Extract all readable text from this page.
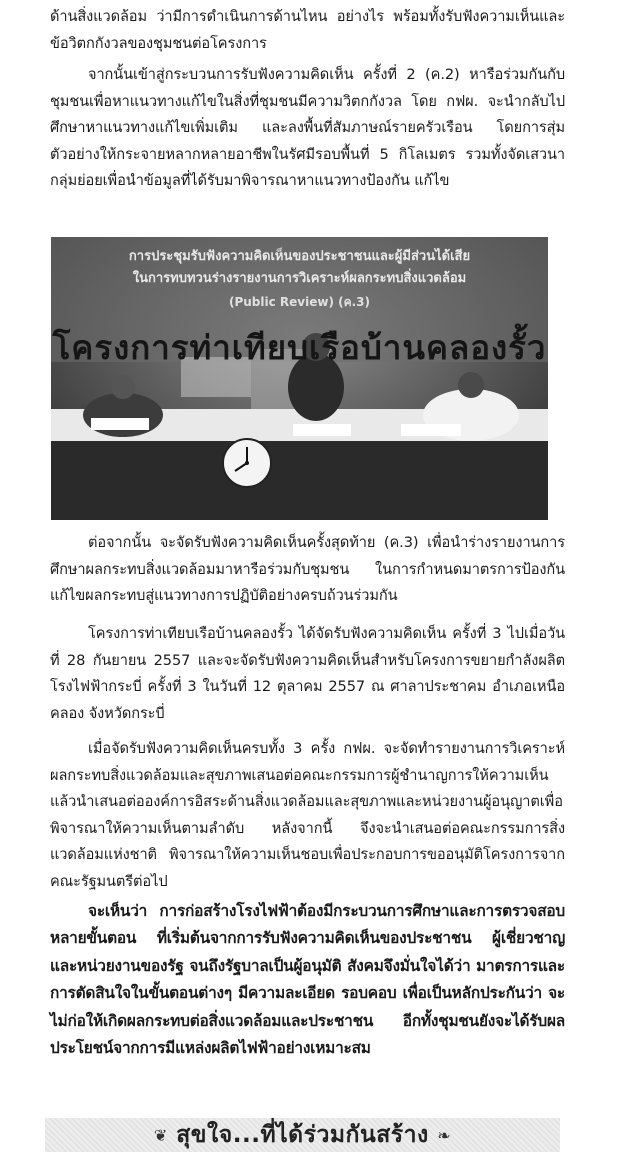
ด้านสิ่งแวดล้อม ว่ามีการดำเนินการด้านไหน อย่างไร พร้อมทั้งรับฟังความเห็นและข้อวิตกกังวลของชุมชนต่อโครงการ
จากนั้นเข้าสู่กระบวนการรับฟังความคิดเห็น ครั้งที่ 2 (ค.2) หารือร่วมกันกับชุมชนเพื่อหาแนวทางแก้ไขในสิ่งที่ชุมชนมีความวิตกกังวล โดย กฟผ. จะนำกลับไปศึกษาหาแนวทางแก้ไขเพิ่มเติม และลงพื้นที่สัมภาษณ์รายครัวเรือน โดยการสุ่มตัวอย่างให้กระจายหลากหลายอาชีพในรัศมีรอบพื้นที่ 5 กิโลเมตร รวมทั้งจัดเสวนากลุ่มย่อยเพื่อนำข้อมูลที่ได้รับมาพิจารณาหาแนวทางป้องกัน แก้ไข
การประชุมรับฟังความคิดเห็นของประชาชนและผู้มีส่วนได้เสีย
ในการทบทวนร่างรายงานการวิเคราะห์ผลกระทบสิ่งแวดล้อม
(Public Review) (ค.3)
โครงการท่าเทียบเรือบ้านคลองรั้ว
ต่อจากนั้น จะจัดรับฟังความคิดเห็นครั้งสุดท้าย (ค.3) เพื่อนำร่างรายงานการศึกษาผลกระทบสิ่งแวดล้อมมาหารือร่วมกับชุมชน ในการกำหนดมาตรการป้องกัน แก้ไขผลกระทบสู่แนวทางการปฏิบัติอย่างครบถ้วนร่วมกัน
โครงการท่าเทียบเรือบ้านคลองรั้ว ได้จัดรับฟังความคิดเห็น ครั้งที่ 3 ไปเมื่อวันที่ 28 กันยายน 2557 และจะจัดรับฟังความคิดเห็นสำหรับโครงการขยายกำลังผลิตโรงไฟฟ้ากระบี่ ครั้งที่ 3 ในวันที่ 12 ตุลาคม 2557 ณ ศาลาประชาคม อำเภอเหนือคลอง จังหวัดกระบี่
เมื่อจัดรับฟังความคิดเห็นครบทั้ง 3 ครั้ง กฟผ. จะจัดทำรายงานการวิเคราะห์ผลกระทบสิ่งแวดล้อมและสุขภาพเสนอต่อคณะกรรมการผู้ชำนาญการให้ความเห็น แล้วนำเสนอต่อองค์การอิสระด้านสิ่งแวดล้อมและสุขภาพและหน่วยงานผู้อนุญาตเพื่อพิจารณาให้ความเห็นตามลำดับ หลังจากนี้ จึงจะนำเสนอต่อคณะกรรมการสิ่งแวดล้อมแห่งชาติ พิจารณาให้ความเห็นชอบเพื่อประกอบการขออนุมัติโครงการจากคณะรัฐมนตรีต่อไป
จะเห็นว่า การก่อสร้างโรงไฟฟ้าต้องมีกระบวนการศึกษาและการตรวจสอบหลายขั้นตอน ที่เริ่มต้นจากการรับฟังความคิดเห็นของประชาชน ผู้เชี่ยวชาญ และหน่วยงานของรัฐ จนถึงรัฐบาลเป็นผู้อนุมัติ สังคมจึงมั่นใจได้ว่า มาตรการและการตัดสินใจในขั้นตอนต่างๆ มีความละเอียด รอบคอบ เพื่อเป็นหลักประกันว่า จะไม่ก่อให้เกิดผลกระทบต่อสิ่งแวดล้อมและประชาชน อีกทั้งชุมชนยังจะได้รับผลประโยชน์จากการมีแหล่งผลิตไฟฟ้าอย่างเหมาะสม
❦ สุขใจ...ที่ได้ร่วมกันสร้าง ❧
